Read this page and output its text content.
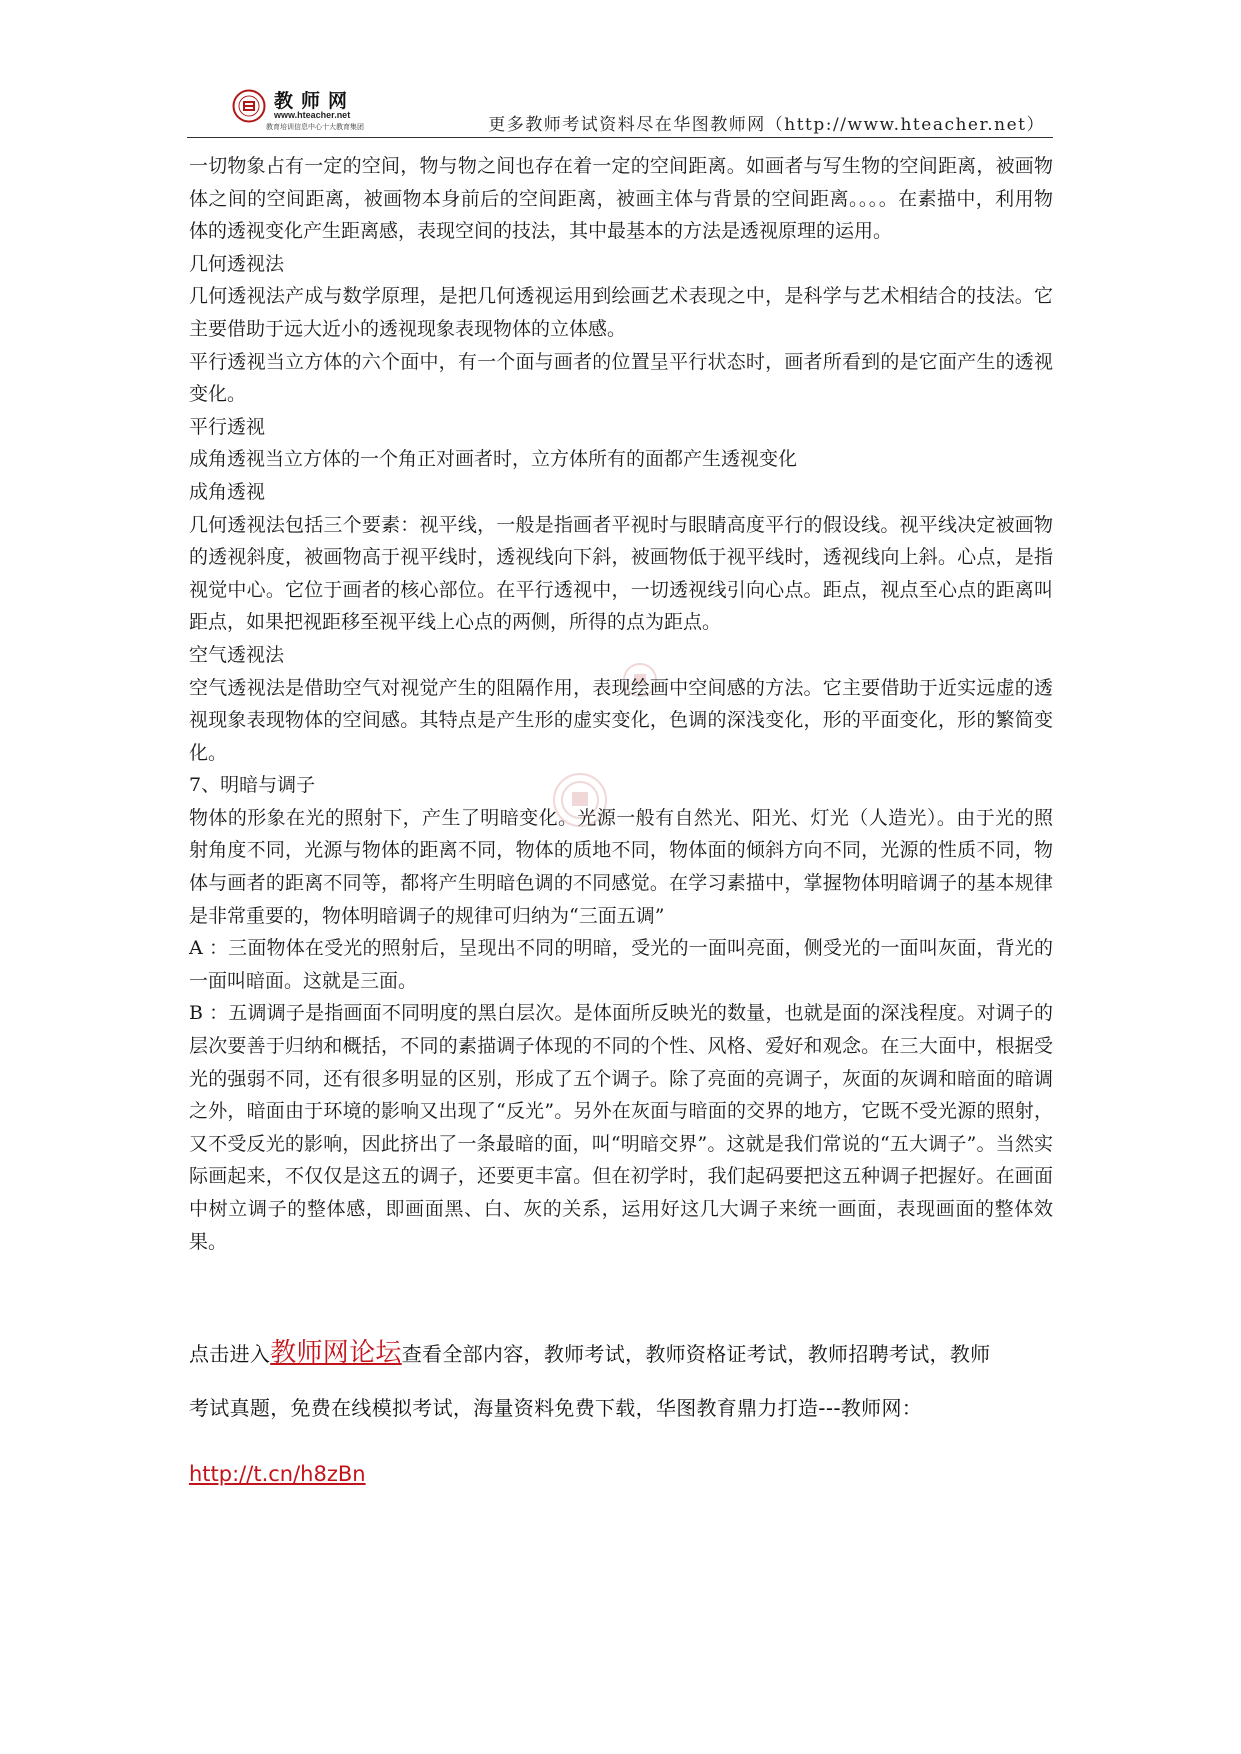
教师网
www.hteacher.net
教育培训信息中心十大教育集团	更多教师考试资料尽在华图教师网（http://www.hteacher.net）

一切物象占有一定的空间，物与物之间也存在着一定的空间距离。如画者与写生物的空间距离，被画物体之间的空间距离，被画物本身前后的空间距离，被画主体与背景的空间距离。。。。在素描中，利用物体的透视变化产生距离感，表现空间的技法，其中最基本的方法是透视原理的运用。

几何透视法

几何透视法产成与数学原理，是把几何透视运用到绘画艺术表现之中，是科学与艺术相结合的技法。它主要借助于远大近小的透视现象表现物体的立体感。

平行透视当立方体的六个面中，有一个面与画者的位置呈平行状态时，画者所看到的是它面产生的透视变化。

平行透视

成角透视当立方体的一个角正对画者时，立方体所有的面都产生透视变化

成角透视

几何透视法包括三个要素：视平线，一般是指画者平视时与眼睛高度平行的假设线。视平线决定被画物的透视斜度，被画物高于视平线时，透视线向下斜，被画物低于视平线时，透视线向上斜。心点，是指视觉中心。它位于画者的核心部位。在平行透视中，一切透视线引向心点。距点，视点至心点的距离叫距点，如果把视距移至视平线上心点的两侧，所得的点为距点。

空气透视法

空气透视法是借助空气对视觉产生的阻隔作用，表现绘画中空间感的方法。它主要借助于近实远虚的透视现象表现物体的空间感。其特点是产生形的虚实变化，色调的深浅变化，形的平面变化，形的繁简变化。

7、明暗与调子

物体的形象在光的照射下，产生了明暗变化。光源一般有自然光、阳光、灯光（人造光）。由于光的照射角度不同，光源与物体的距离不同，物体的质地不同，物体面的倾斜方向不同，光源的性质不同，物体与画者的距离不同等，都将产生明暗色调的不同感觉。在学习素描中，掌握物体明暗调子的基本规律是非常重要的，物体明暗调子的规律可归纳为“三面五调”

A ：三面物体在受光的照射后，呈现出不同的明暗，受光的一面叫亮面，侧受光的一面叫灰面，背光的一面叫暗面。这就是三面。

B ：五调调子是指画面不同明度的黑白层次。是体面所反映光的数量，也就是面的深浅程度。对调子的层次要善于归纳和概括，不同的素描调子体现的不同的个性、风格、爱好和观念。在三大面中，根据受光的强弱不同，还有很多明显的区别，形成了五个调子。除了亮面的亮调子，灰面的灰调和暗面的暗调之外，暗面由于环境的影响又出现了“反光”。另外在灰面与暗面的交界的地方，它既不受光源的照射，又不受反光的影响，因此挤出了一条最暗的面，叫“明暗交界”。这就是我们常说的“五大调子”。当然实际画起来，不仅仅是这五的调子，还要更丰富。但在初学时，我们起码要把这五种调子把握好。在画面中树立调子的整体感，即画面黑、白、灰的关系，运用好这几大调子来统一画面，表现画面的整体效果。

点击进入教师网论坛查看全部内容，教师考试，教师资格证考试，教师招聘考试，教师
考试真题，免费在线模拟考试，海量资料免费下载，华图教育鼎力打造---教师网：
http://t.cn/h8zBn
